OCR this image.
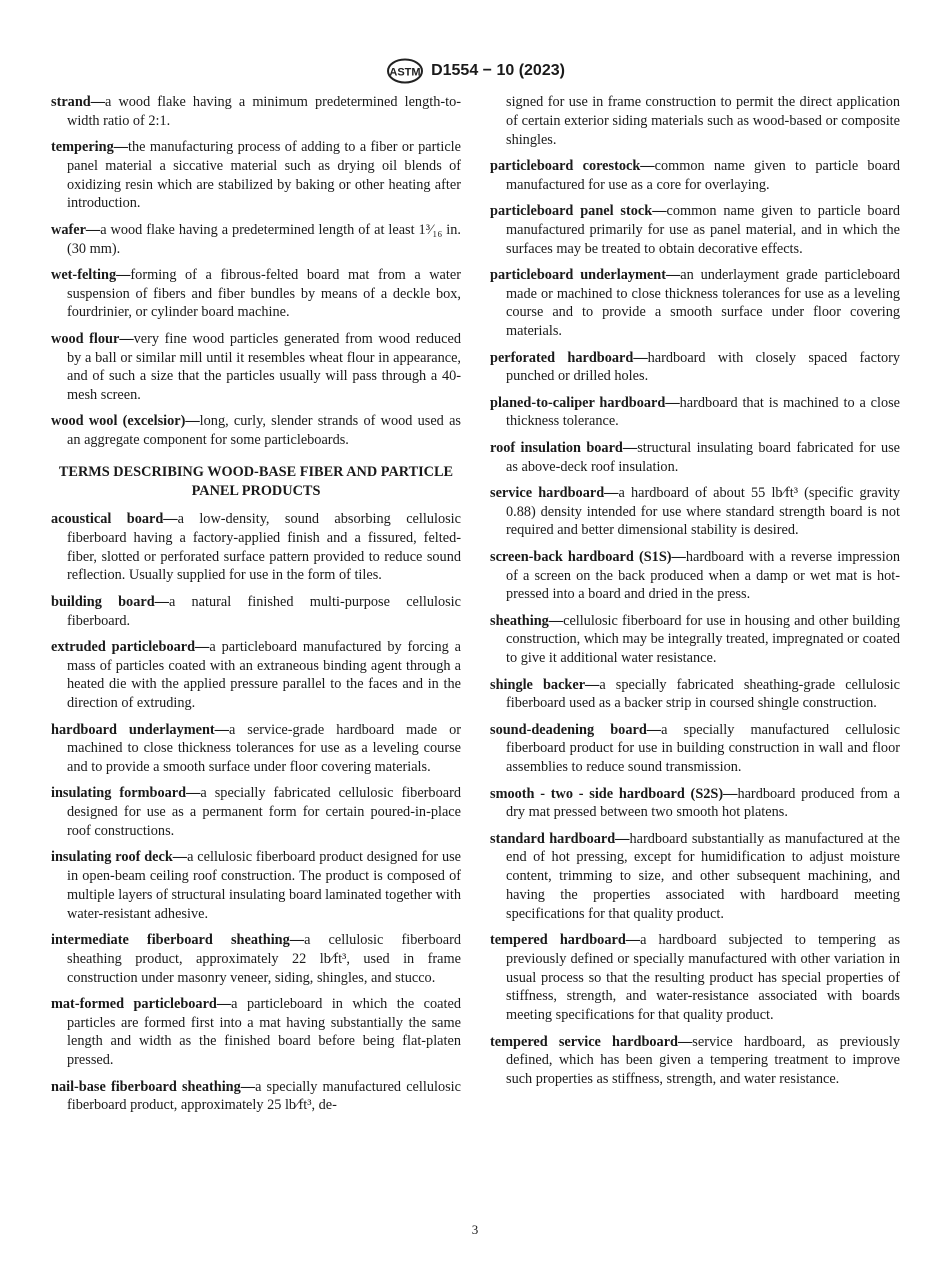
ASTM D1554 − 10 (2023)
strand—a wood flake having a minimum predetermined length-to-width ratio of 2:1.
tempering—the manufacturing process of adding to a fiber or particle panel material a siccative material such as drying oil blends of oxidizing resin which are stabilized by baking or other heating after introduction.
wafer—a wood flake having a predetermined length of at least 1³⁄₁₆ in. (30 mm).
wet-felting—forming of a fibrous-felted board mat from a water suspension of fibers and fiber bundles by means of a deckle box, fourdrinier, or cylinder board machine.
wood flour—very fine wood particles generated from wood reduced by a ball or similar mill until it resembles wheat flour in appearance, and of such a size that the particles usually will pass through a 40-mesh screen.
wood wool (excelsior)—long, curly, slender strands of wood used as an aggregate component for some particleboards.
TERMS DESCRIBING WOOD-BASE FIBER AND PARTICLE PANEL PRODUCTS
acoustical board—a low-density, sound absorbing cellulosic fiberboard having a factory-applied finish and a fissured, felted-fiber, slotted or perforated surface pattern provided to reduce sound reflection. Usually supplied for use in the form of tiles.
building board—a natural finished multi-purpose cellulosic fiberboard.
extruded particleboard—a particleboard manufactured by forcing a mass of particles coated with an extraneous binding agent through a heated die with the applied pressure parallel to the faces and in the direction of extruding.
hardboard underlayment—a service-grade hardboard made or machined to close thickness tolerances for use as a leveling course and to provide a smooth surface under floor covering materials.
insulating formboard—a specially fabricated cellulosic fiberboard designed for use as a permanent form for certain poured-in-place roof constructions.
insulating roof deck—a cellulosic fiberboard product designed for use in open-beam ceiling roof construction. The product is composed of multiple layers of structural insulating board laminated together with water-resistant adhesive.
intermediate fiberboard sheathing—a cellulosic fiberboard sheathing product, approximately 22 lb⁄ft³, used in frame construction under masonry veneer, siding, shingles, and stucco.
mat-formed particleboard—a particleboard in which the coated particles are formed first into a mat having substantially the same length and width as the finished board before being flat-platen pressed.
nail-base fiberboard sheathing—a specially manufactured cellulosic fiberboard product, approximately 25 lb⁄ft³, de-
signed for use in frame construction to permit the direct application of certain exterior siding materials such as wood-based or composite shingles.
particleboard corestock—common name given to particle board manufactured for use as a core for overlaying.
particleboard panel stock—common name given to particle board manufactured primarily for use as panel material, and in which the surfaces may be treated to obtain decorative effects.
particleboard underlayment—an underlayment grade particleboard made or machined to close thickness tolerances for use as a leveling course and to provide a smooth surface under floor covering materials.
perforated hardboard—hardboard with closely spaced factory punched or drilled holes.
planed-to-caliper hardboard—hardboard that is machined to a close thickness tolerance.
roof insulation board—structural insulating board fabricated for use as above-deck roof insulation.
service hardboard—a hardboard of about 55 lb⁄ft³ (specific gravity 0.88) density intended for use where standard strength board is not required and better dimensional stability is desired.
screen-back hardboard (S1S)—hardboard with a reverse impression of a screen on the back produced when a damp or wet mat is hot-pressed into a board and dried in the press.
sheathing—cellulosic fiberboard for use in housing and other building construction, which may be integrally treated, impregnated or coated to give it additional water resistance.
shingle backer—a specially fabricated sheathing-grade cellulosic fiberboard used as a backer strip in coursed shingle construction.
sound-deadening board—a specially manufactured cellulosic fiberboard product for use in building construction in wall and floor assemblies to reduce sound transmission.
smooth - two - side hardboard (S2S)—hardboard produced from a dry mat pressed between two smooth hot platens.
standard hardboard—hardboard substantially as manufactured at the end of hot pressing, except for humidification to adjust moisture content, trimming to size, and other subsequent machining, and having the properties associated with hardboard meeting specifications for that quality product.
tempered hardboard—a hardboard subjected to tempering as previously defined or specially manufactured with other variation in usual process so that the resulting product has special properties of stiffness, strength, and water-resistance associated with boards meeting specifications for that quality product.
tempered service hardboard—service hardboard, as previously defined, which has been given a tempering treatment to improve such properties as stiffness, strength, and water resistance.
3
